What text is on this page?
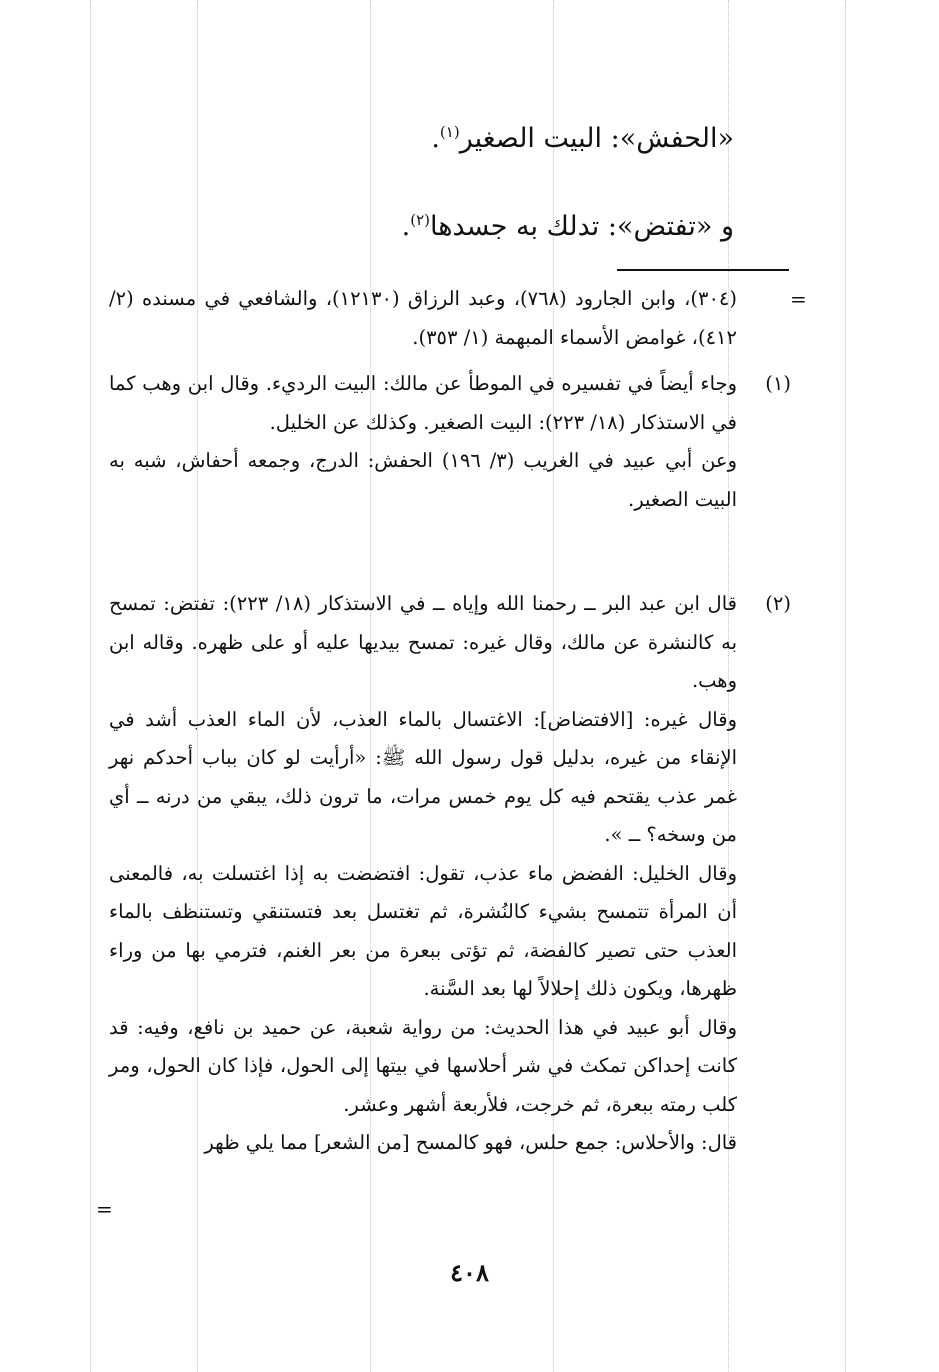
«الحفش»: البيت الصغير$^{(١)}$.
و «تفتض»: تدلك به جسدها$^{(٢)}$.
=

(٣٠٤)، وابن الجارود (٧٦٨)، وعبد الرزاق (١٢١٣٠)، والشافعي في مسنده (٢/ ٤١٢)، غوامض الأسماء المبهمة (١/ ٣٥٣).

(١)

وجاء أيضاً في تفسيره في الموطأ عن مالك: البيت الرديء. وقال ابن وهب كما في الاستذكار (١٨/ ٢٢٣): البيت الصغير. وكذلك عن الخليل.

وعن أبي عبيد في الغريب (٣/ ١٩٦) الحفش: الدرج، وجمعه أحفاش، شبه به البيت الصغير.

(٢)

قال ابن عبد البر ــ رحمنا الله وإياه ــ في الاستذكار (١٨/ ٢٢٣): تفتض: تمسح به كالنشرة عن مالك، وقال غيره: تمسح بيديها عليه أو على ظهره. وقاله ابن وهب.

وقال غيره: [الافتضاض]: الاغتسال بالماء العذب، لأن الماء العذب أشد في الإنقاء من غيره، بدليل قول رسول الله ﷺ: «أرأيت لو كان بباب أحدكم نهر غمر عذب يقتحم فيه كل يوم خمس مرات، ما ترون ذلك، يبقي من درنه ــ أي من وسخه؟ ــ ».

وقال الخليل: الفضض ماء عذب، تقول: افتضضت به إذا اغتسلت به، فالمعنى أن المرأة تتمسح بشيء كالنُشرة، ثم تغتسل بعد فتستنقي وتستنظف بالماء العذب حتى تصير كالفضة، ثم تؤتى ببعرة من بعر الغنم، فترمي بها من وراء ظهرها، ويكون ذلك إحلالاً لها بعد السَّنة.

وقال أبو عبيد في هذا الحديث: من رواية شعبة، عن حميد بن نافع، وفيه: قد كانت إحداكن تمكث في شر أحلاسها في بيتها إلى الحول، فإذا كان الحول، ومر كلب رمته ببعرة، ثم خرجت، فلأربعة أشهر وعشر.

قال: والأحلاس: جمع حلس، فهو كالمسح [من الشعر] مما يلي ظهر

=
٤٠٨
